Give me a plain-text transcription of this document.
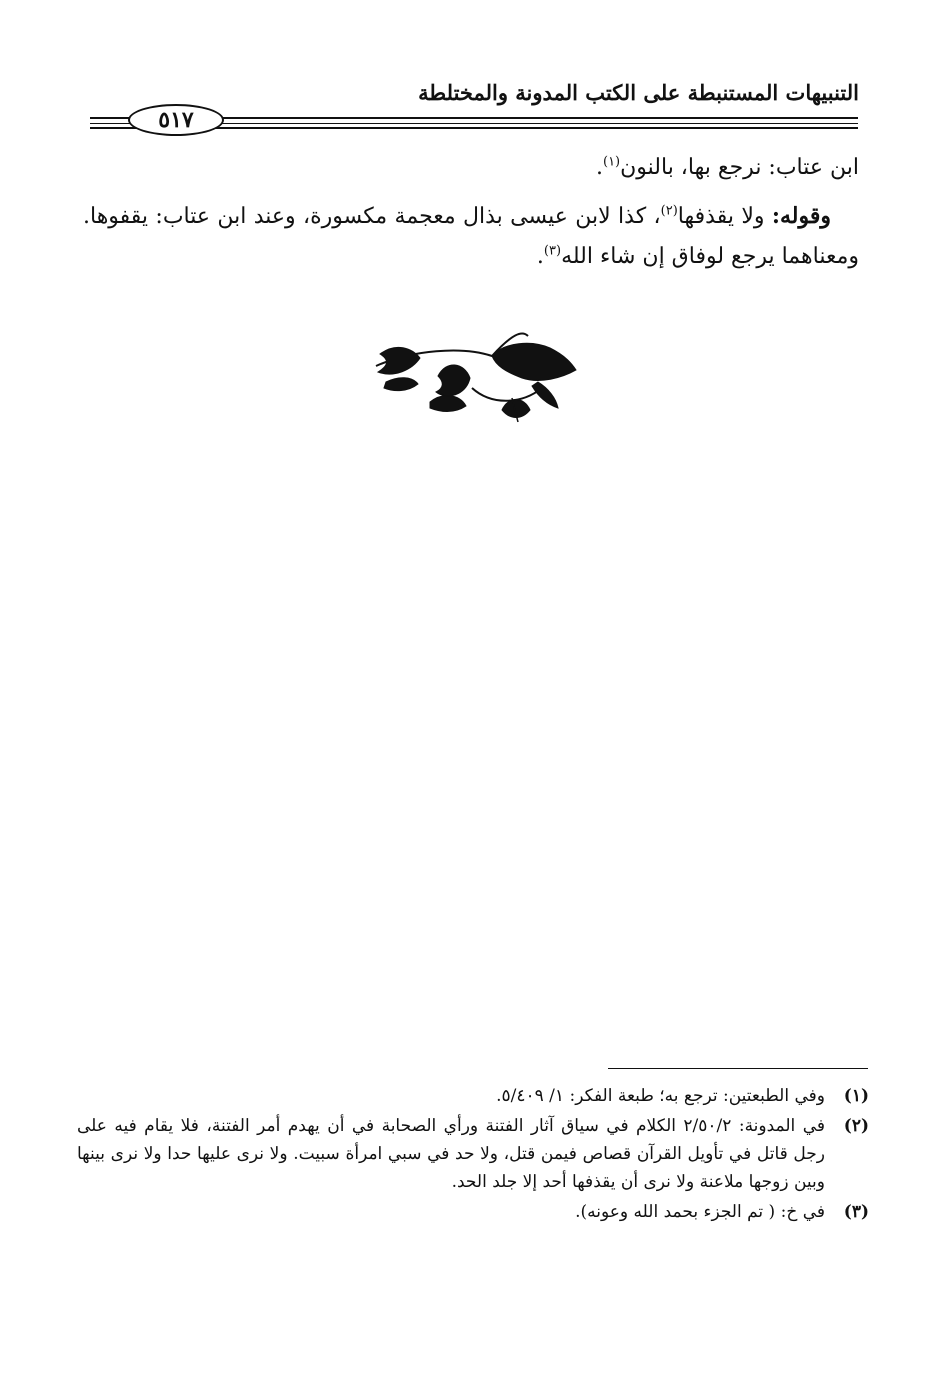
التنبيهات المستنبطة على الكتب المدونة والمختلطة
٥١٧

ابن عتاب: نرجع بها، بالنون$^{(١)}$.

وقوله: ولا يقذفها$^{(٢)}$، كذا لابن عيسى بذال معجمة مكسورة، وعند ابن عتاب: يقفوها. ومعناهما يرجع لوفاق إن شاء الله$^{(٣)}$.

(١)
وفي الطبعتين: ترجع به؛ طبعة الفكر: ١/ ٥/٤٠٩.
(٢)
في المدونة: ٢/٥٠/٢ الكلام في سياق آثار الفتنة ورأي الصحابة في أن يهدم أمر الفتنة، فلا يقام فيه على رجل قاتل في تأويل القرآن قصاص فيمن قتل، ولا حد في سبي امرأة سبيت. ولا نرى عليها حدا ولا نرى بينها وبين زوجها ملاعنة ولا نرى أن يقذفها أحد إلا جلد الحد.
(٣)
في خ: ( تم الجزء بحمد الله وعونه).
